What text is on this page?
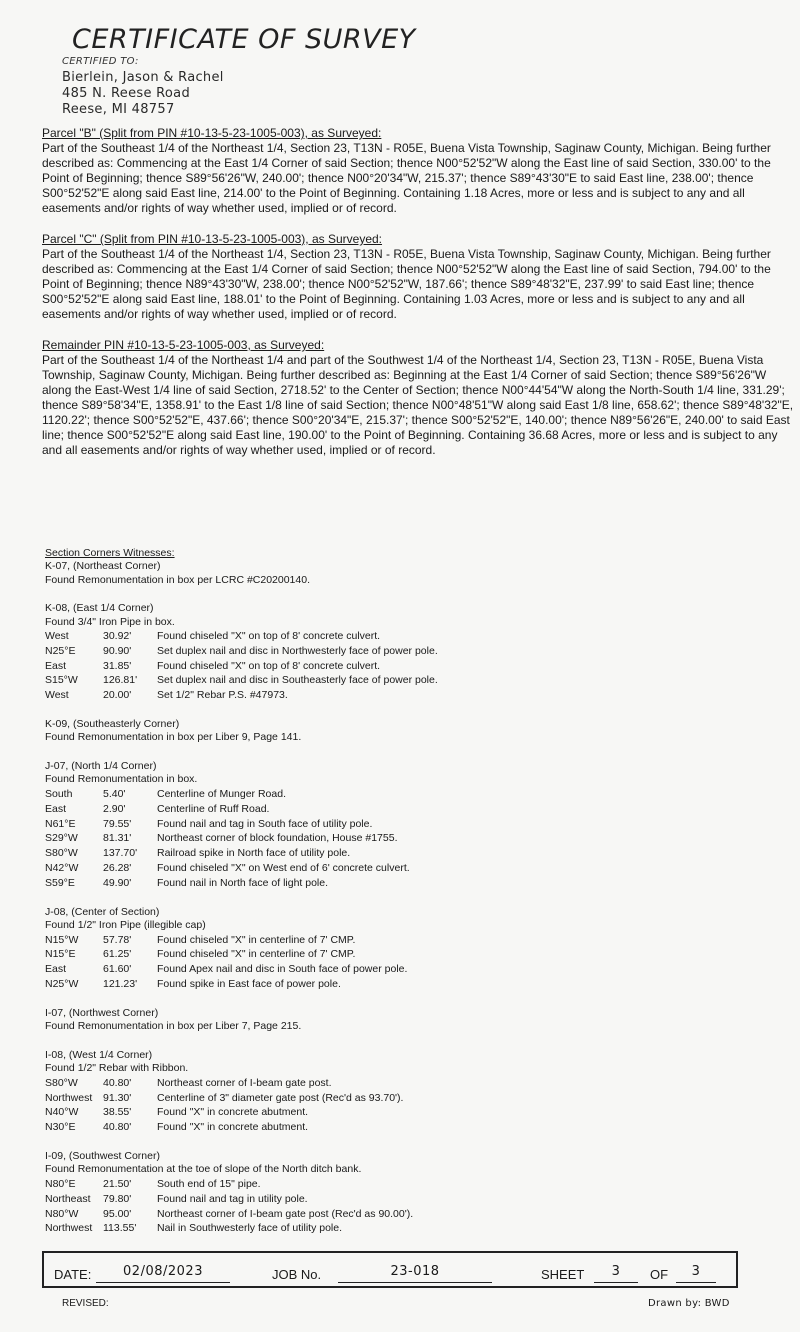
CERTIFICATE OF SURVEY
CERTIFIED TO:
Bierlein, Jason & Rachel
485 N. Reese Road
Reese, MI 48757
Parcel "B" (Split from PIN #10-13-5-23-1005-003), as Surveyed:

Part of the Southeast 1/4 of the Northeast 1/4, Section 23, T13N - R05E, Buena Vista Township, Saginaw County, Michigan. Being further described as: Commencing at the East 1/4 Corner of said Section; thence N00°52'52"W along the East line of said Section, 330.00' to the Point of Beginning; thence S89°56'26"W, 240.00'; thence N00°20'34"W, 215.37'; thence S89°43'30"E to said East line, 238.00'; thence S00°52'52"E along said East line, 214.00' to the Point of Beginning. Containing 1.18 Acres, more or less and is subject to any and all easements and/or rights of way whether used, implied or of record.

Parcel "C" (Split from PIN #10-13-5-23-1005-003), as Surveyed:

Part of the Southeast 1/4 of the Northeast 1/4, Section 23, T13N - R05E, Buena Vista Township, Saginaw County, Michigan. Being further described as: Commencing at the East 1/4 Corner of said Section; thence N00°52'52"W along the East line of said Section, 794.00' to the Point of Beginning; thence N89°43'30"W, 238.00'; thence N00°52'52"W, 187.66'; thence S89°48'32"E, 237.99' to said East line; thence S00°52'52"E along said East line, 188.01' to the Point of Beginning. Containing 1.03 Acres, more or less and is subject to any and all easements and/or rights of way whether used, implied or of record.

Remainder PIN #10-13-5-23-1005-003, as Surveyed:

Part of the Southeast 1/4 of the Northeast 1/4 and part of the Southwest 1/4 of the Northeast 1/4, Section 23, T13N - R05E, Buena Vista Township, Saginaw County, Michigan. Being further described as: Beginning at the East 1/4 Corner of said Section; thence S89°56'26"W along the East-West 1/4 line of said Section, 2718.52' to the Center of Section; thence N00°44'54"W along the North-South 1/4 line, 331.29'; thence S89°58'34"E, 1358.91' to the East 1/8 line of said Section; thence N00°48'51"W along said East 1/8 line, 658.62'; thence S89°48'32"E, 1120.22'; thence S00°52'52"E, 437.66'; thence S00°20'34"E, 215.37'; thence S00°52'52"E, 140.00'; thence N89°56'26"E, 240.00' to said East line; thence S00°52'52"E along said East line, 190.00' to the Point of Beginning. Containing 36.68 Acres, more or less and is subject to any and all easements and/or rights of way whether used, implied or of record.

Section Corners Witnesses:
K-07, (Northeast Corner)
Found Remonumentation in box per LCRC #C20200140.
K-08, (East 1/4 Corner)
Found 3/4" Iron Pipe in box.
West	30.92'	Found chiseled "X" on top of 8' concrete culvert.
N25°E	90.90'	Set duplex nail and disc in Northwesterly face of power pole.
East	31.85'	Found chiseled "X" on top of 8' concrete culvert.
S15°W	126.81'	Set duplex nail and disc in Southeasterly face of power pole.
West	20.00'	Set 1/2" Rebar P.S. #47973.
K-09, (Southeasterly Corner)
Found Remonumentation in box per Liber 9, Page 141.
J-07, (North 1/4 Corner)
Found Remonumentation in box.
South	5.40'	Centerline of Munger Road.
East	2.90'	Centerline of Ruff Road.
N61°E	79.55'	Found nail and tag in South face of utility pole.
S29°W	81.31'	Northeast corner of block foundation, House #1755.
S80°W	137.70'	Railroad spike in North face of utility pole.
N42°W	26.28'	Found chiseled "X" on West end of 6' concrete culvert.
S59°E	49.90'	Found nail in North face of light pole.
J-08, (Center of Section)
Found 1/2" Iron Pipe (illegible cap)
N15°W	57.78'	Found chiseled "X" in centerline of 7' CMP.
N15°E	61.25'	Found chiseled "X" in centerline of 7' CMP.
East	61.60'	Found Apex nail and disc in South face of power pole.
N25°W	121.23'	Found spike in East face of power pole.
I-07, (Northwest Corner)
Found Remonumentation in box per Liber 7, Page 215.
I-08, (West 1/4 Corner)
Found 1/2" Rebar with Ribbon.
S80°W	40.80'	Northeast corner of I-beam gate post.
Northwest	91.30'	Centerline of 3" diameter gate post (Rec'd as 93.70').
N40°W	38.55'	Found "X" in concrete abutment.
N30°E	40.80'	Found "X" in concrete abutment.
I-09, (Southwest Corner)
Found Remonumentation at the toe of slope of the North ditch bank.
N80°E	21.50'	South end of 15" pipe.
Northeast	79.80'	Found nail and tag in utility pole.
N80°W	95.00'	Northeast corner of I-beam gate post (Rec'd as 90.00').
Northwest	113.55'	Nail in Southwesterly face of utility pole.
DATE:	02/08/2023	JOB No.	23-018	SHEET	3	OF	3
REVISED:	Drawn by: BWD
